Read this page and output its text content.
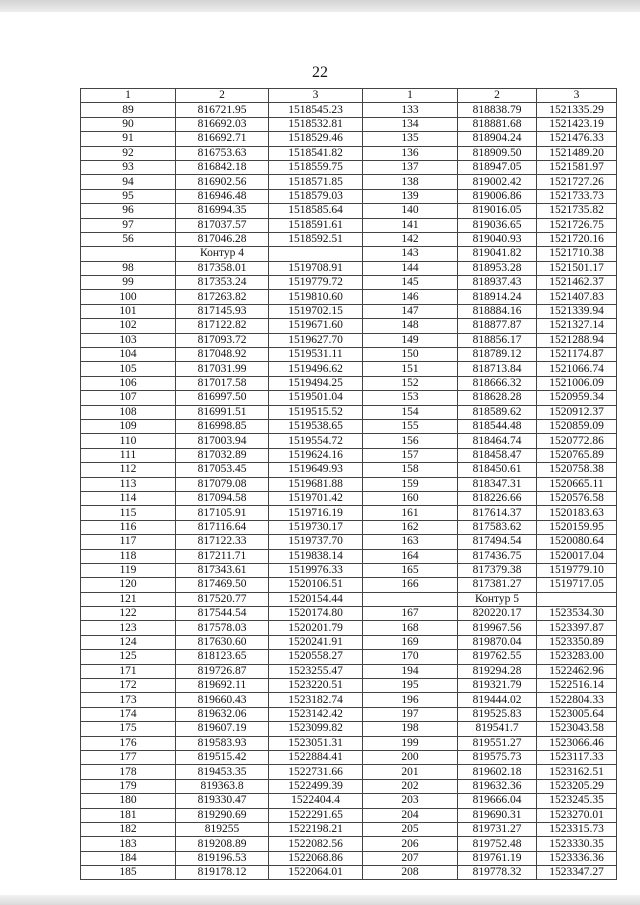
22
1	2	3	1	2	3
89	816721.95	1518545.23	133	818838.79	1521335.29
90	816692.03	1518532.81	134	818881.68	1521423.19
91	816692.71	1518529.46	135	818904.24	1521476.33
92	816753.63	1518541.82	136	818909.50	1521489.20
93	816842.18	1518559.75	137	818947.05	1521581.97
94	816902.56	1518571.85	138	819002.42	1521727.26
95	816946.48	1518579.03	139	819006.86	1521733.73
96	816994.35	1518585.64	140	819016.05	1521735.82
97	817037.57	1518591.61	141	819036.65	1521726.75
56	817046.28	1518592.51	142	819040.93	1521720.16
	Контур 4		143	819041.82	1521710.38
98	817358.01	1519708.91	144	818953.28	1521501.17
99	817353.24	1519779.72	145	818937.43	1521462.37
100	817263.82	1519810.60	146	818914.24	1521407.83
101	817145.93	1519702.15	147	818884.16	1521339.94
102	817122.82	1519671.60	148	818877.87	1521327.14
103	817093.72	1519627.70	149	818856.17	1521288.94
104	817048.92	1519531.11	150	818789.12	1521174.87
105	817031.99	1519496.62	151	818713.84	1521066.74
106	817017.58	1519494.25	152	818666.32	1521006.09
107	816997.50	1519501.04	153	818628.28	1520959.34
108	816991.51	1519515.52	154	818589.62	1520912.37
109	816998.85	1519538.65	155	818544.48	1520859.09
110	817003.94	1519554.72	156	818464.74	1520772.86
111	817032.89	1519624.16	157	818458.47	1520765.89
112	817053.45	1519649.93	158	818450.61	1520758.38
113	817079.08	1519681.88	159	818347.31	1520665.11
114	817094.58	1519701.42	160	818226.66	1520576.58
115	817105.91	1519716.19	161	817614.37	1520183.63
116	817116.64	1519730.17	162	817583.62	1520159.95
117	817122.33	1519737.70	163	817494.54	1520080.64
118	817211.71	1519838.14	164	817436.75	1520017.04
119	817343.61	1519976.33	165	817379.38	1519779.10
120	817469.50	1520106.51	166	817381.27	1519717.05
121	817520.77	1520154.44		Контур 5	
122	817544.54	1520174.80	167	820220.17	1523534.30
123	817578.03	1520201.79	168	819967.56	1523397.87
124	817630.60	1520241.91	169	819870.04	1523350.89
125	818123.65	1520558.27	170	819762.55	1523283.00
171	819726.87	1523255.47	194	819294.28	1522462.96
172	819692.11	1523220.51	195	819321.79	1522516.14
173	819660.43	1523182.74	196	819444.02	1522804.33
174	819632.06	1523142.42	197	819525.83	1523005.64
175	819607.19	1523099.82	198	819541.7	1523043.58
176	819583.93	1523051.31	199	819551.27	1523066.46
177	819515.42	1522884.41	200	819575.73	1523117.33
178	819453.35	1522731.66	201	819602.18	1523162.51
179	819363.8	1522499.39	202	819632.36	1523205.29
180	819330.47	1522404.4	203	819666.04	1523245.35
181	819290.69	1522291.65	204	819690.31	1523270.01
182	819255	1522198.21	205	819731.27	1523315.73
183	819208.89	1522082.56	206	819752.48	1523330.35
184	819196.53	1522068.86	207	819761.19	1523336.36
185	819178.12	1522064.01	208	819778.32	1523347.27
